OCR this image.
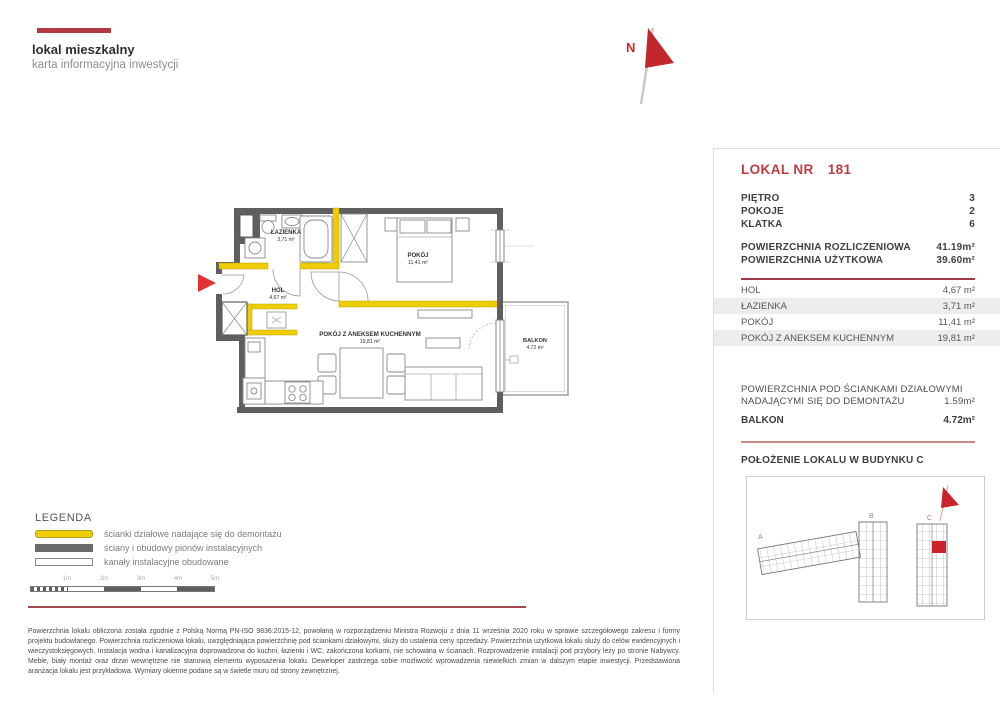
lokal mieszkalny
karta informacyjna inwestycji
N
ŁAZIENKA
3,71 m²
HOL
4,67 m²
POKÓJ
11,41 m²
POKÓJ Z ANEKSEM KUCHENNYM
19,81 m²	BALKON
4,72 m²
LOKAL NR 181
PIĘTRO	3
POKOJE	2
KLATKA	6
POWIERZCHNIA ROZLICZENIOWA	41.19m²
POWIERZCHNIA UŻYTKOWA	39.60m²
HOL	4,67 m²
ŁAZIENKA	3,71 m²
POKÓJ	11,41 m²
POKÓJ Z ANEKSEM KUCHENNYM	19,81 m²
POWIERZCHNIA POD ŚCIANKAMI DZIAŁOWYMI
NADAJĄCYMI SIĘ DO DEMONTAŻU	1.59m²
BALKON	4.72m²
POŁOŻENIE LOKALU W BUDYNKU C
A
B	C
LEGENDA
ścianki działowe nadające się do demontażu
ściany i obudowy pionów instalacyjnych
kanały instalacyjne obudowane
1m	2m	3m	4m	5m
Powierzchnia lokalu obliczona została zgodnie z Polską Normą PN-ISO 9836:2015-12, powołaną w rozporządzeniu Ministra Rozwoju z dnia 11 września 2020 roku w sprawie szczegółowego zakresu i formy projektu budowlanego. Powierzchnia rozliczeniowa lokalu, uwzględniająca powierzchnię pod ściankami działowymi, służy do ustalenia ceny sprzedaży. Powierzchnia użytkowa lokalu służy do celów ewidencyjnych i wieczystoksięgowych. Instalacja wodna i kanalizacyjna doprowadzona do kuchni, łazienki i WC, zakończona korkami, nie schowana w ścianach. Rozprowadzenie instalacji pod przybory leży po stronie Nabywcy. Meble, biały montaż oraz drzwi wewnętrzne nie stanowią elementu wyposażenia lokalu. Deweloper zastrzega sobie możliwość wprowadzenia niewielkich zmian w dalszym etapie inwestycji. Przedstawiona aranżacja lokalu jest przykładowa. Wymiary okienne podane są w świetle muru od strony zewnętrznej.
